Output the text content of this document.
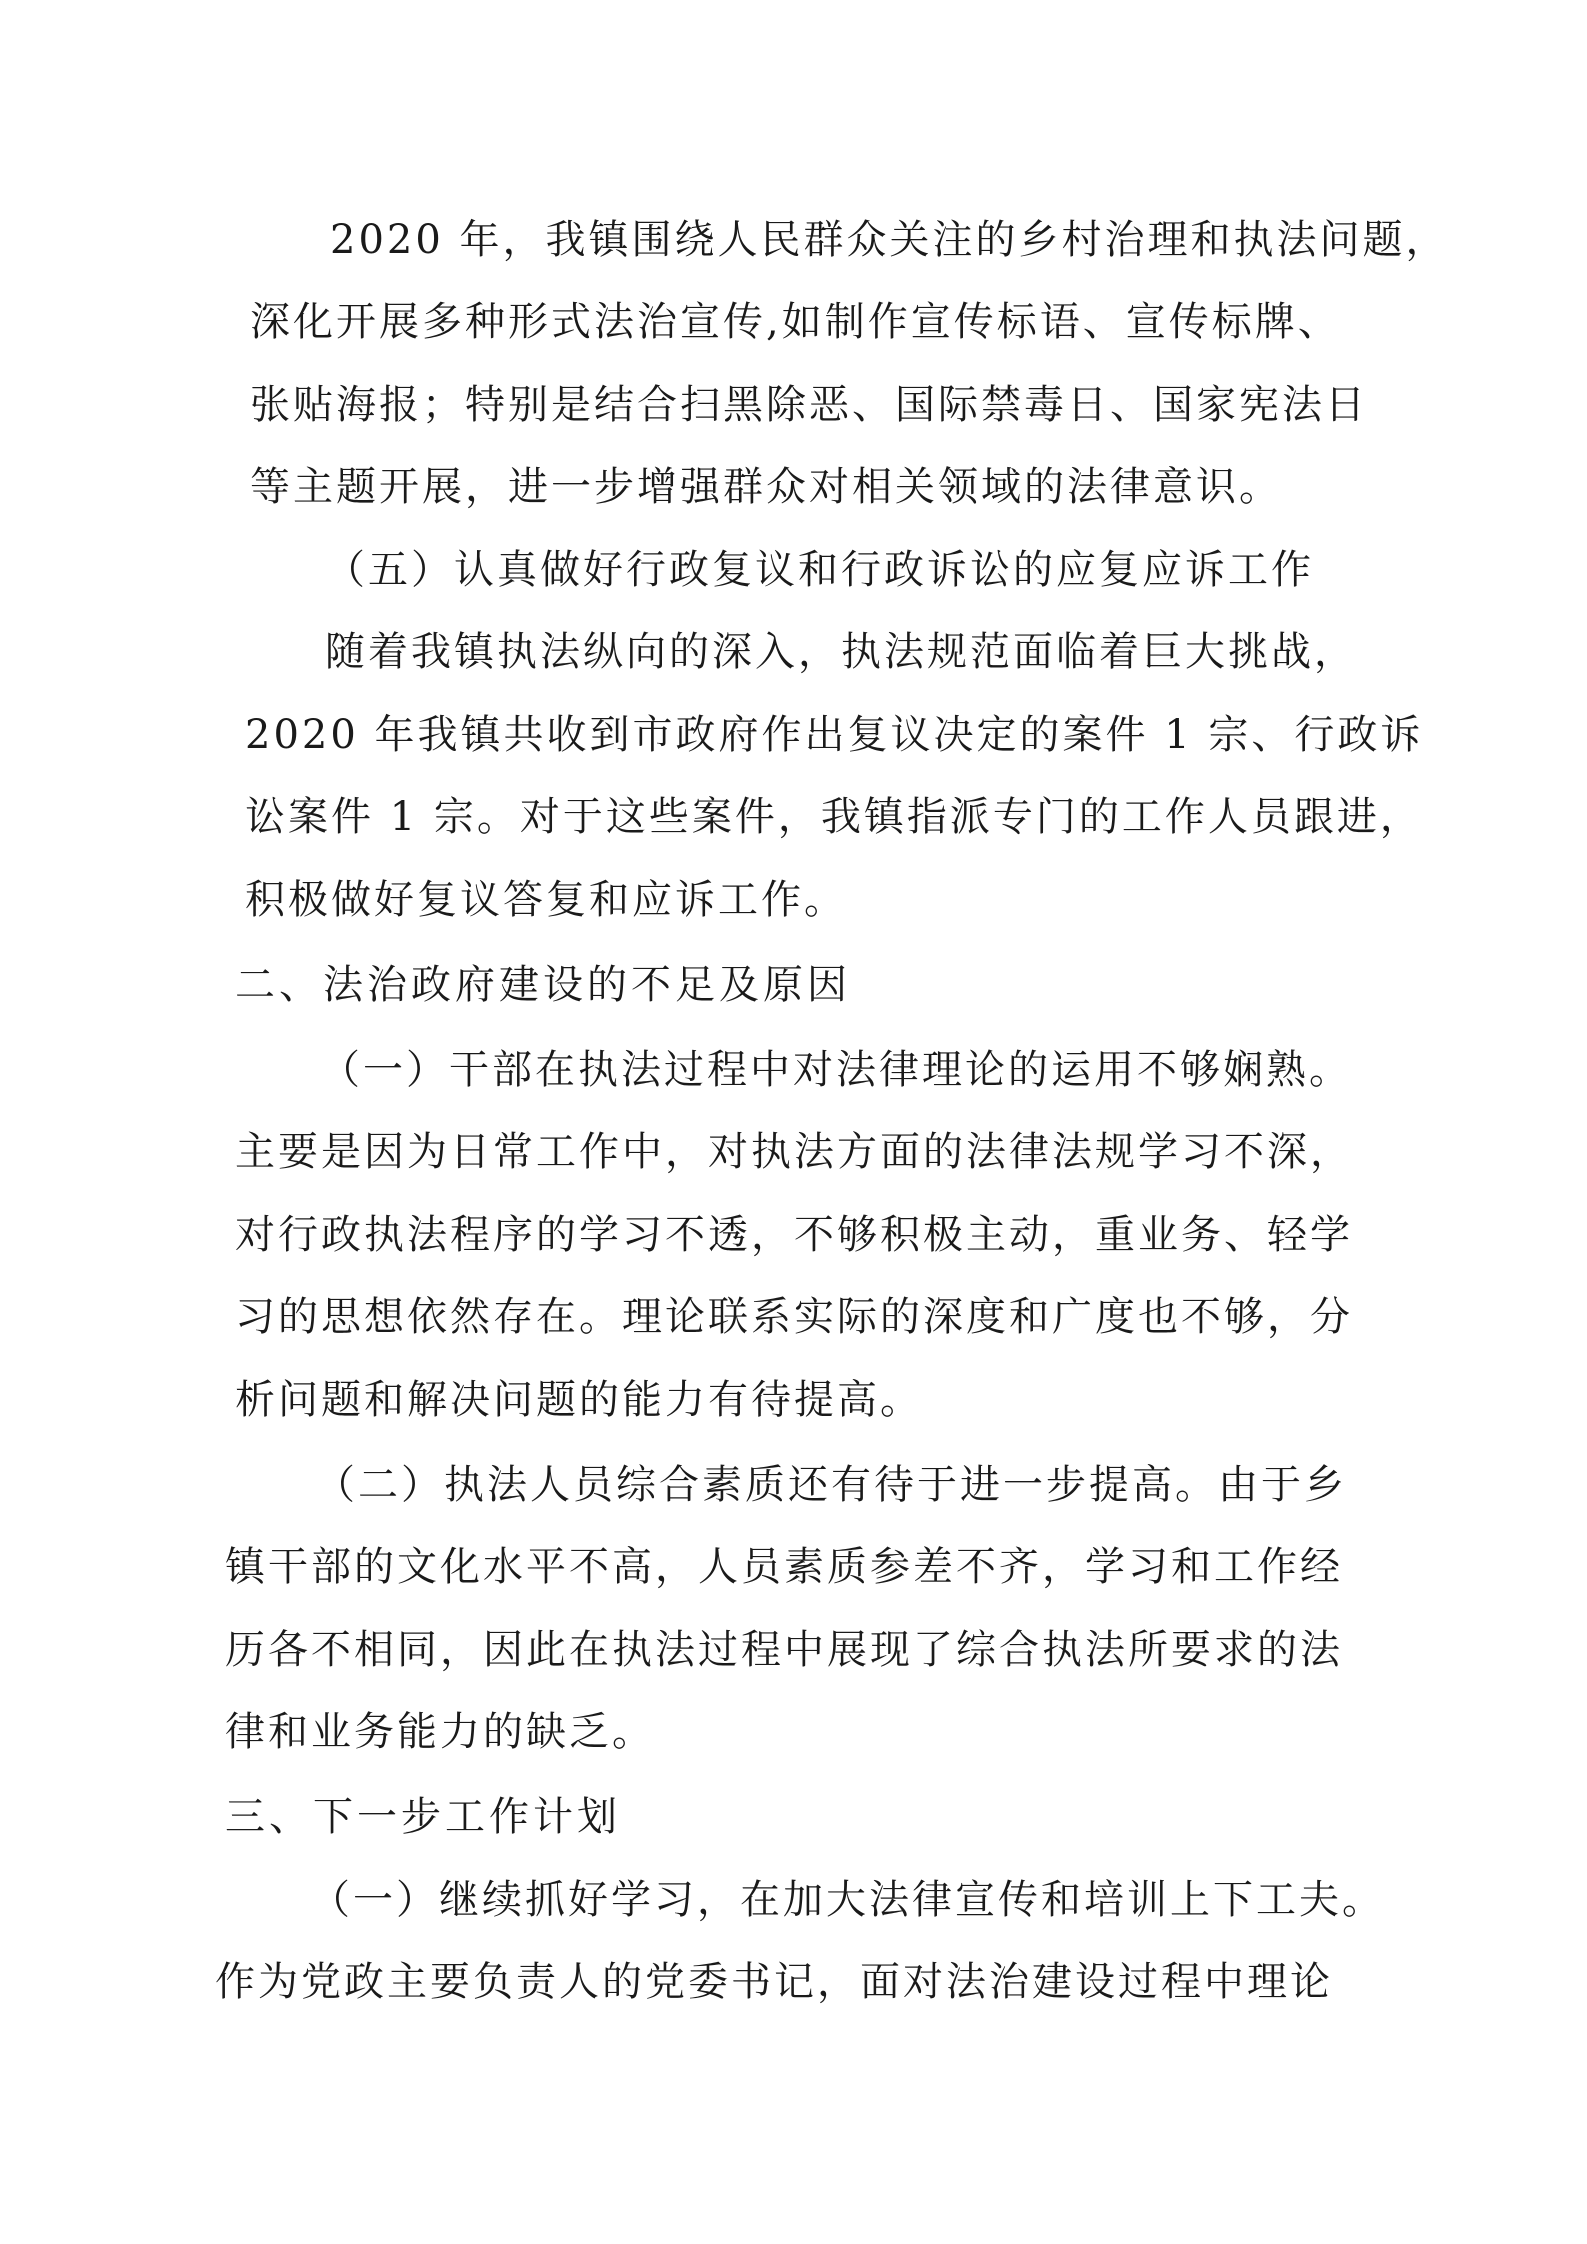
2020 年，我镇围绕人民群众关注的乡村治理和执法问题，
深化开展多种形式法治宣传,如制作宣传标语、宣传标牌、
张贴海报；特别是结合扫黑除恶、国际禁毒日、国家宪法日
等主题开展，进一步增强群众对相关领域的法律意识。
（五）认真做好行政复议和行政诉讼的应复应诉工作
随着我镇执法纵向的深入，执法规范面临着巨大挑战，
2020 年我镇共收到市政府作出复议决定的案件 1 宗、行政诉
讼案件 1 宗。对于这些案件，我镇指派专门的工作人员跟进，
积极做好复议答复和应诉工作。
二、法治政府建设的不足及原因
（一）干部在执法过程中对法律理论的运用不够娴熟。
主要是因为日常工作中，对执法方面的法律法规学习不深，
对行政执法程序的学习不透，不够积极主动，重业务、轻学
习的思想依然存在。理论联系实际的深度和广度也不够，分
析问题和解决问题的能力有待提高。
（二）执法人员综合素质还有待于进一步提高。由于乡
镇干部的文化水平不高，人员素质参差不齐，学习和工作经
历各不相同，因此在执法过程中展现了综合执法所要求的法
律和业务能力的缺乏。
三、下一步工作计划
（一）继续抓好学习，在加大法律宣传和培训上下工夫。
作为党政主要负责人的党委书记，面对法治建设过程中理论
